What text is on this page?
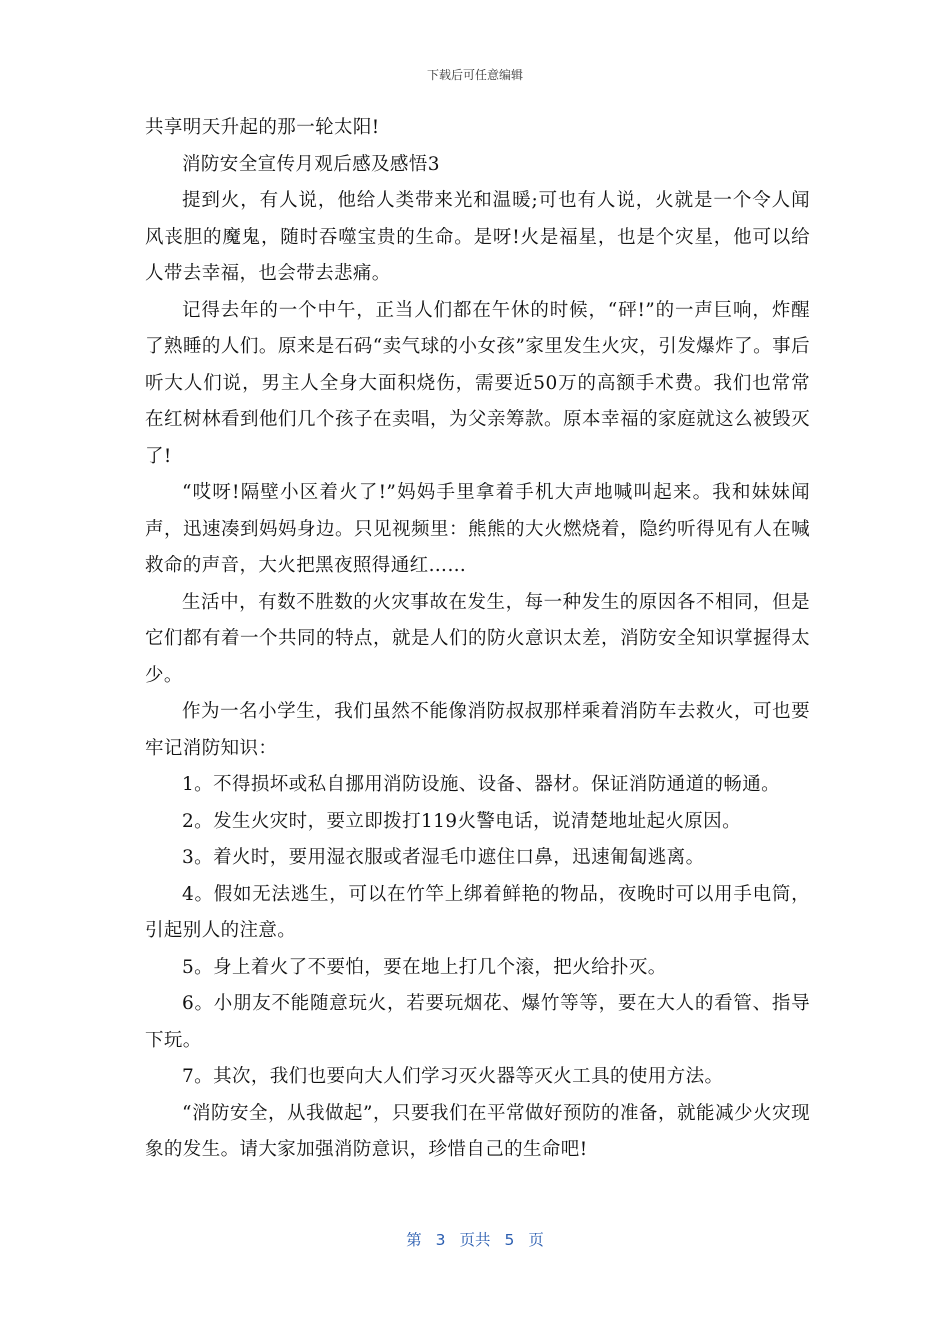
下载后可任意编辑

共享明天升起的那一轮太阳!

消防安全宣传月观后感及感悟3

提到火，有人说，他给人类带来光和温暖;可也有人说，火就是一个令人闻风丧胆的魔鬼，随时吞噬宝贵的生命。是呀!火是福星，也是个灾星，他可以给人带去幸福，也会带去悲痛。

记得去年的一个中午，正当人们都在午休的时候，“砰!”的一声巨响，炸醒了熟睡的人们。原来是石码“卖气球的小女孩”家里发生火灾，引发爆炸了。事后听大人们说，男主人全身大面积烧伤，需要近50万的高额手术费。我们也常常在红树林看到他们几个孩子在卖唱，为父亲筹款。原本幸福的家庭就这么被毁灭了!

“哎呀!隔壁小区着火了!”妈妈手里拿着手机大声地喊叫起来。我和妹妹闻声，迅速凑到妈妈身边。只见视频里：熊熊的大火燃烧着，隐约听得见有人在喊救命的声音，大火把黑夜照得通红……

生活中，有数不胜数的火灾事故在发生，每一种发生的原因各不相同，但是它们都有着一个共同的特点，就是人们的防火意识太差，消防安全知识掌握得太少。

作为一名小学生，我们虽然不能像消防叔叔那样乘着消防车去救火，可也要牢记消防知识：

1。不得损坏或私自挪用消防设施、设备、器材。保证消防通道的畅通。

2。发生火灾时，要立即拨打119火警电话，说清楚地址起火原因。

3。着火时，要用湿衣服或者湿毛巾遮住口鼻，迅速匍匐逃离。

4。假如无法逃生，可以在竹竿上绑着鲜艳的物品，夜晚时可以用手电筒，引起别人的注意。

5。身上着火了不要怕，要在地上打几个滚，把火给扑灭。

6。小朋友不能随意玩火，若要玩烟花、爆竹等等，要在大人的看管、指导下玩。

7。其次，我们也要向大人们学习灭火器等灭火工具的使用方法。

“消防安全，从我做起”，只要我们在平常做好预防的准备，就能减少火灾现象的发生。请大家加强消防意识，珍惜自己的生命吧!

第 3 页共 5 页
